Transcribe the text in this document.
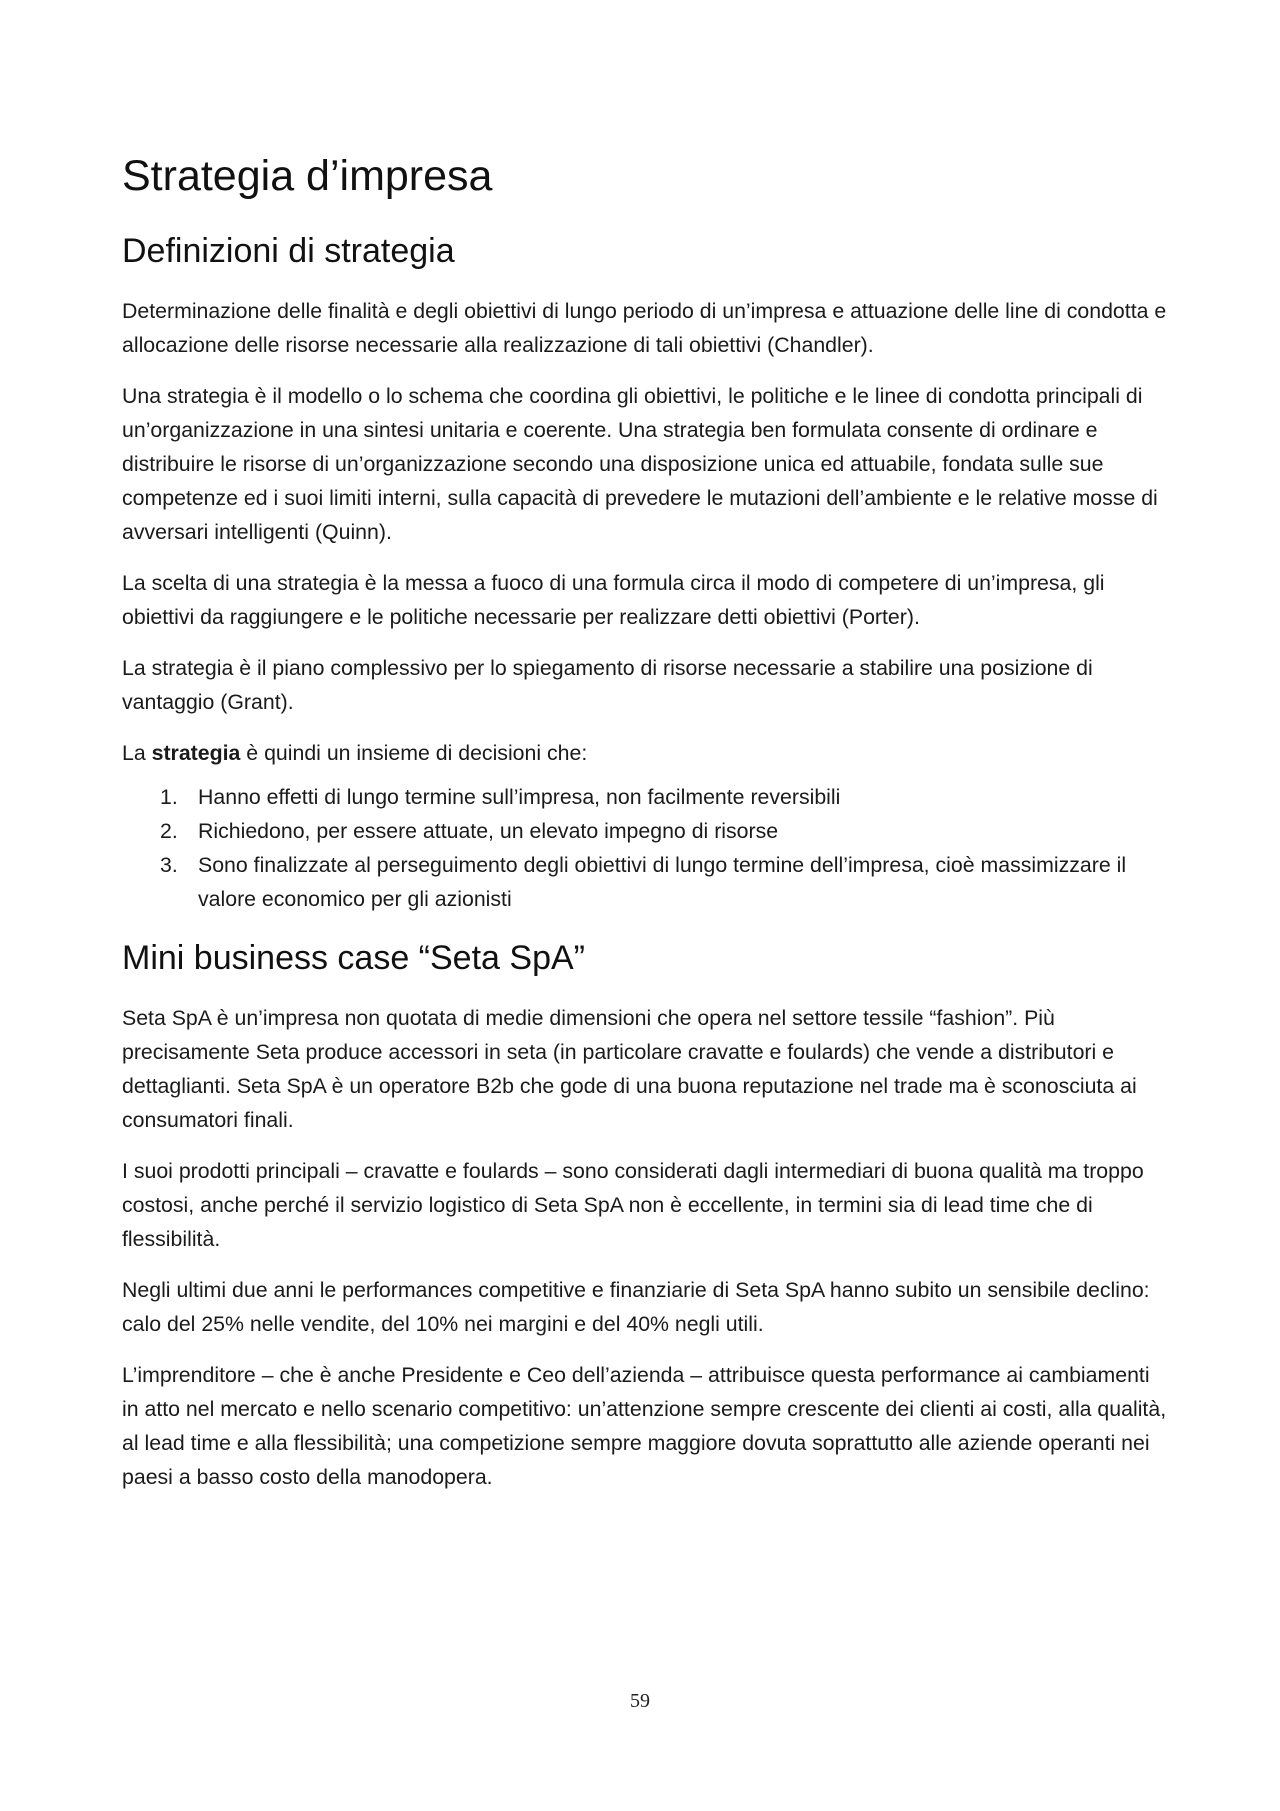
Strategia d’impresa
Definizioni di strategia

Determinazione delle finalità e degli obiettivi di lungo periodo di un’impresa e attuazione delle line di condotta e allocazione delle risorse necessarie alla realizzazione di tali obiettivi (Chandler).

Una strategia è il modello o lo schema che coordina gli obiettivi, le politiche e le linee di condotta principali di un’organizzazione in una sintesi unitaria e coerente. Una strategia ben formulata consente di ordinare e distribuire le risorse di un’organizzazione secondo una disposizione unica ed attuabile, fondata sulle sue competenze ed i suoi limiti interni, sulla capacità di prevedere le mutazioni dell’ambiente e le relative mosse di avversari intelligenti (Quinn).

La scelta di una strategia è la messa a fuoco di una formula circa il modo di competere di un’impresa, gli obiettivi da raggiungere e le politiche necessarie per realizzare detti obiettivi (Porter).

La strategia è il piano complessivo per lo spiegamento di risorse necessarie a stabilire una posizione di vantaggio (Grant).

La strategia è quindi un insieme di decisioni che:

1. Hanno effetti di lungo termine sull’impresa, non facilmente reversibili
2. Richiedono, per essere attuate, un elevato impegno di risorse
3. Sono finalizzate al perseguimento degli obiettivi di lungo termine dell’impresa, cioè massimizzare il valore economico per gli azionisti
Mini business case “Seta SpA”

Seta SpA è un’impresa non quotata di medie dimensioni che opera nel settore tessile “fashion”. Più precisamente Seta produce accessori in seta (in particolare cravatte e foulards) che vende a distributori e dettaglianti. Seta SpA è un operatore B2b che gode di una buona reputazione nel trade ma è sconosciuta ai consumatori finali.

I suoi prodotti principali – cravatte e foulards – sono considerati dagli intermediari di buona qualità ma troppo costosi, anche perché il servizio logistico di Seta SpA non è eccellente, in termini sia di lead time che di flessibilità.

Negli ultimi due anni le performances competitive e finanziarie di Seta SpA hanno subito un sensibile declino: calo del 25% nelle vendite, del 10% nei margini e del 40% negli utili.

L’imprenditore – che è anche Presidente e Ceo dell’azienda – attribuisce questa performance ai cambiamenti in atto nel mercato e nello scenario competitivo: un’attenzione sempre crescente dei clienti ai costi, alla qualità, al lead time e alla flessibilità; una competizione sempre maggiore dovuta soprattutto alle aziende operanti nei paesi a basso costo della manodopera.

59
